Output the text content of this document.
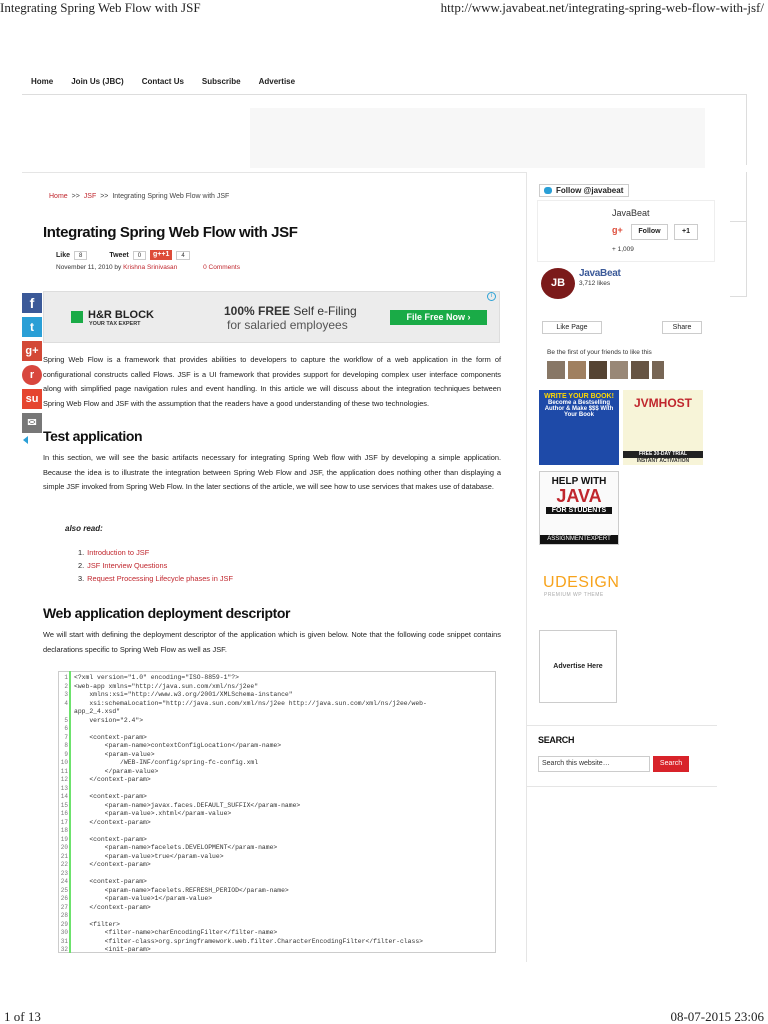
Integrating Spring Web Flow with JSF	http://www.javabeat.net/integrating-spring-web-flow-with-jsf/
1 of 13	08-07-2015 23:06
Home	Join Us (JBC)	Contact Us	Subscribe	Advertise
Home >> JSF >> Integrating Spring Web Flow with JSF
Integrating Spring Web Flow with JSF
Like	8	Tweet	0	g++1	4
November 11, 2010 by Krishna Srinivasan	0 Comments
H&R BLOCK
YOUR TAX EXPERT
100% FREE Self e-Filing
for salaried employees
File Free Now ›
i
f
t
g+
r
su
✉
Spring Web Flow is a framework that provides abilities to developers to capture the workflow of a web application in the form of configurational constructs called Flows. JSF is a UI framework that provides support for developing complex user interface components along with simplified page navigation rules and event handling. In this article we will discuss about the integration techniques between Spring Web Flow and JSF with the assumption that the readers have a good understanding of these two technologies.
Test application
In this section, we will see the basic artifacts necessary for integrating Spring Web flow with JSF by developing a simple application. Because the idea is to illustrate the integration between Spring Web Flow and JSF, the application does nothing other than displaying a simple JSF invoked from Spring Web Flow. In the later sections of the article, we will see how to use services that makes use of database.
also read:
1. Introduction to JSF
2. JSF Interview Questions
3. Request Processing Lifecycle phases in JSF
Web application deployment descriptor
We will start with defining the deployment descriptor of the application which is given below. Note that the following code snippet contains declarations specific to Spring Web Flow as well as JSF.
1 <?xml version="1.0" encoding="ISO-8859-1"?>
2 <web-app xmlns="http://java.sun.com/xml/ns/j2ee"
3 xmlns:xsi="http://www.w3.org/2001/XMLSchema-instance"
4 xsi:schemaLocation="http://java.sun.com/xml/ns/j2ee http://java.sun.com/xml/ns/j2ee/web-
app_2_4.xsd"
5 version="2.4">
6
7 <context-param>
8 <param-name>contextConfigLocation</param-name>
9 <param-value>
10 /WEB-INF/config/spring-fc-config.xml
11 </param-value>
12 </context-param>
13
14 <context-param>
15 <param-name>javax.faces.DEFAULT_SUFFIX</param-name>
16 <param-value>.xhtml</param-value>
17 </context-param>
18
19 <context-param>
20 <param-name>facelets.DEVELOPMENT</param-name>
21 <param-value>true</param-value>
22 </context-param>
23
24 <context-param>
25 <param-name>facelets.REFRESH_PERIOD</param-name>
26 <param-value>1</param-value>
27 </context-param>
28
29 <filter>
30 <filter-name>charEncodingFilter</filter-name>
31 <filter-class>org.springframework.web.filter.CharacterEncodingFilter</filter-class>
32 <init-param>
Follow @javabeat
JavaBeat
g+	Follow	+1
+ 1,009
JB
JavaBeat
3,712 likes
Like Page	Share
Be the first of your friends to like this
WRITE YOUR BOOK!
Become a Bestselling Author & Make $$$ With Your Book
JVMHOST
FREE 30-DAY TRIAL
INSTANT ACTIVATION
HELP WITH
JAVA
FOR STUDENTS
ASSIGNMENTEXPERT
UDESIGN
PREMIUM WP THEME
Advertise Here
SEARCH
Search this website…	Search
